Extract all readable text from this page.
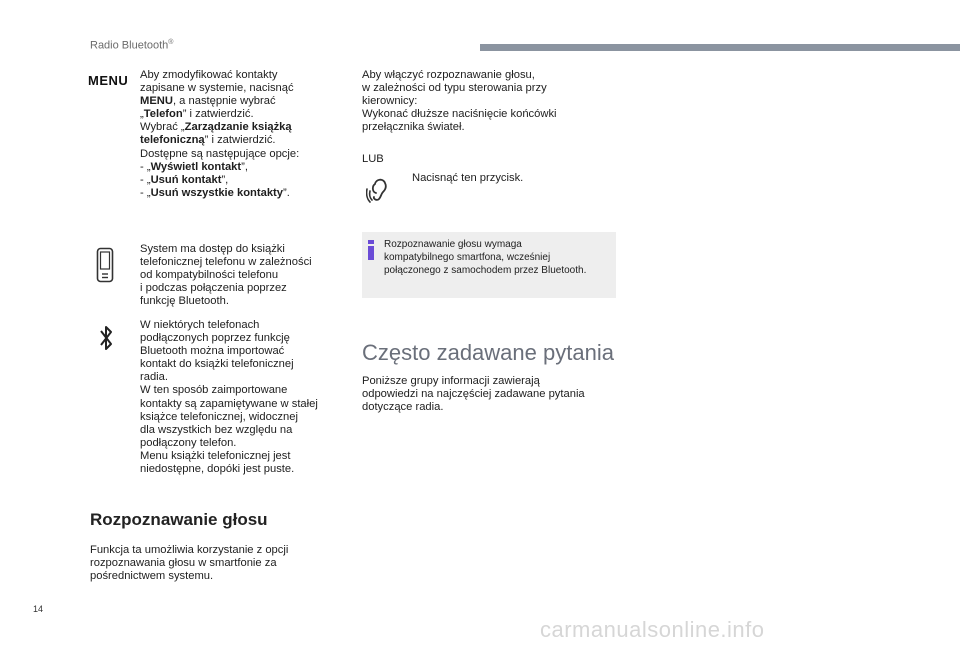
Radio Bluetooth®
MENU Aby zmodyfikować kontakty
zapisane w systemie, nacisnąć
MENU, a następnie wybrać
„Telefon” i zatwierdzić.
Wybrać „Zarządzanie książką
telefoniczną” i zatwierdzić.
Dostępne są następujące opcje:
- „Wyświetl kontakt”,
- „Usuń kontakt”,
- „Usuń wszystkie kontakty”.
System ma dostęp do książki
telefonicznej telefonu w zależności
od kompatybilności telefonu
i podczas połączenia poprzez
funkcję Bluetooth.
W niektórych telefonach
podłączonych poprzez funkcję
Bluetooth można importować
kontakt do książki telefonicznej
radia.
W ten sposób zaimportowane
kontakty są zapamiętywane w stałej
książce telefonicznej, widocznej
dla wszystkich bez względu na
podłączony telefon.
Menu książki telefonicznej jest
niedostępne, dopóki jest puste.
Rozpoznawanie głosu
Funkcja ta umożliwia korzystanie z opcji
rozpoznawania głosu w smartfonie za
pośrednictwem systemu.
Aby włączyć rozpoznawanie głosu,
w zależności od typu sterowania przy
kierownicy:
Wykonać dłuższe naciśnięcie końcówki
przełącznika świateł.
LUB
Nacisnąć ten przycisk.
Rozpoznawanie głosu wymaga
kompatybilnego smartfona, wcześniej
połączonego z samochodem przez Bluetooth.
Często zadawane pytania
Poniższe grupy informacji zawierają
odpowiedzi na najczęściej zadawane pytania
dotyczące radia.
14
carmanualsonline.info
